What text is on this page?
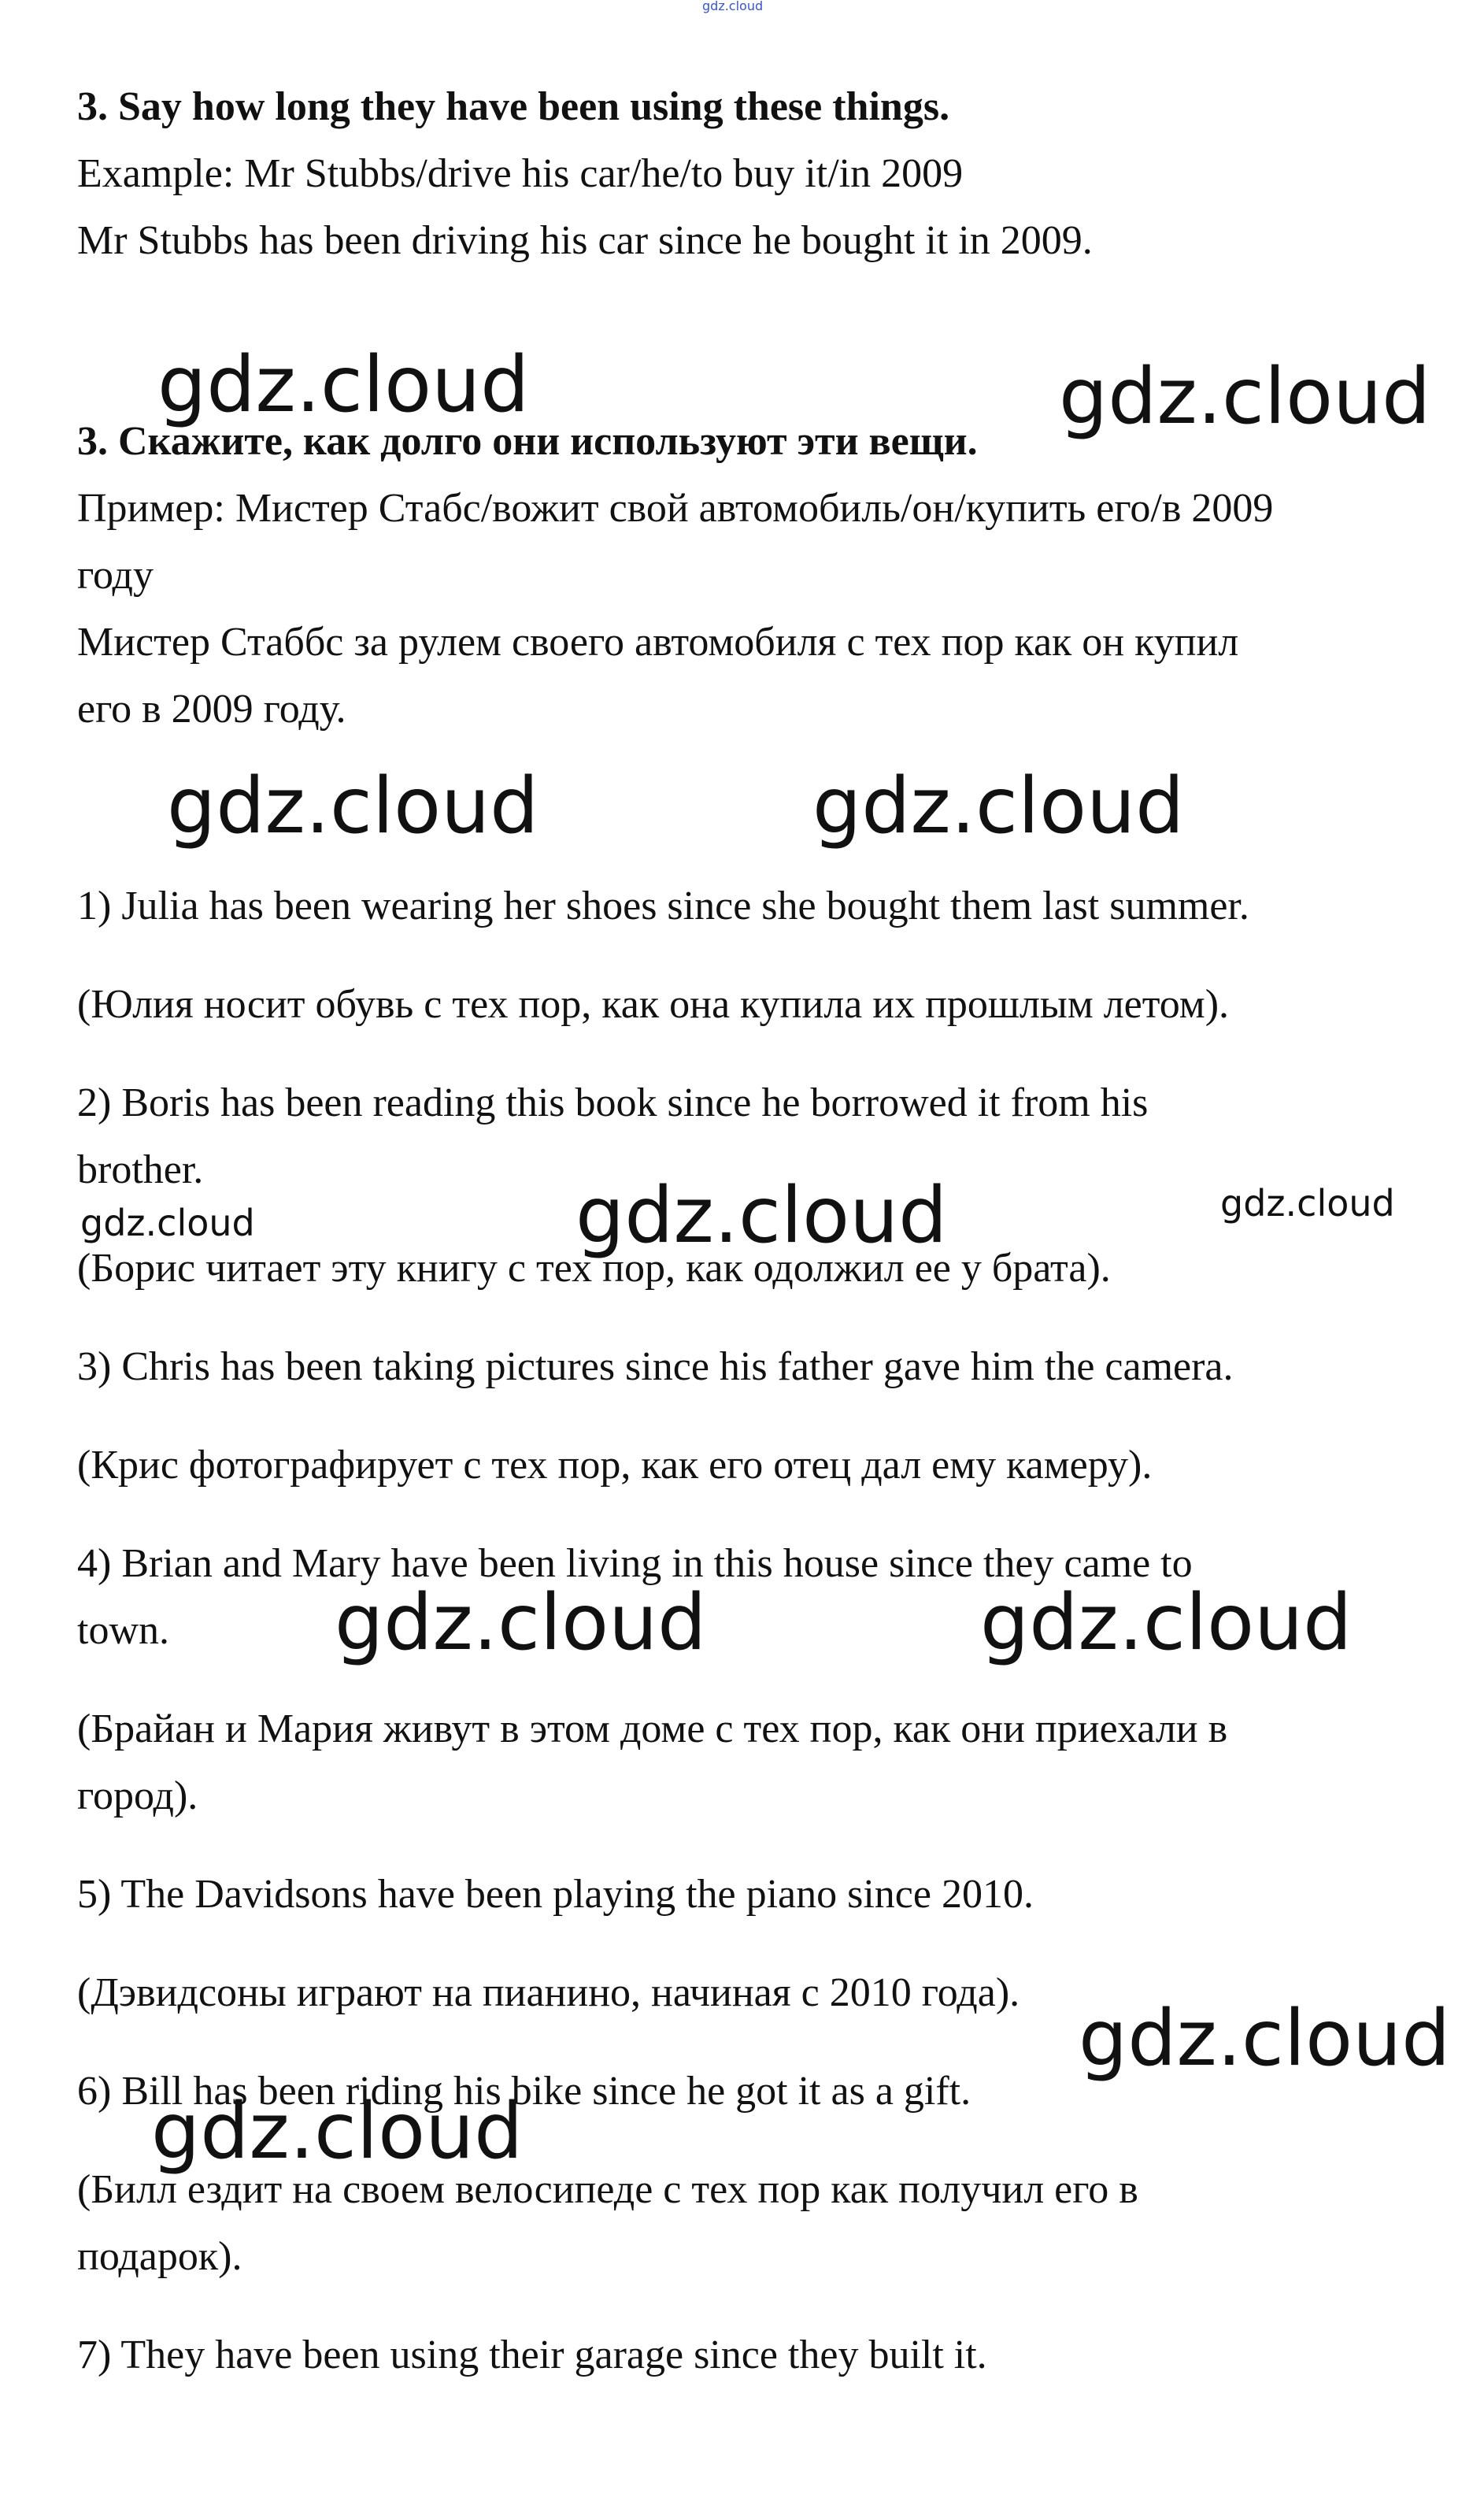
gdz.cloud
3. Say how long they have been using these things.
Example: Mr Stubbs/drive his car/he/to buy it/in 2009
Mr Stubbs has been driving his car since he bought it in 2009.
3. Скажите, как долго они используют эти вещи.
Пример: Мистер Стабс/вожит свой автомобиль/он/купить его/в 2009
году
Мистер Стаббс за рулем своего автомобиля с тех пор как он купил
его в 2009 году.
1) Julia has been wearing her shoes since she bought them last summer.
(Юлия носит обувь с тех пор, как она купила их прошлым летом).
2) Boris has been reading this book since he borrowed it from his
brother.
(Борис читает эту книгу с тех пор, как одолжил ее у брата).
3) Chris has been taking pictures since his father gave him the camera.
(Крис фотографирует с тех пор, как его отец дал ему камеру).
4) Brian and Mary have been living in this house since they came to
town.
(Брайан и Мария живут в этом доме с тех пор, как они приехали в
город).
5) The Davidsons have been playing the piano since 2010.
(Дэвидсоны играют на пианино, начиная с 2010 года).
6) Bill has been riding his bike since he got it as a gift.
(Билл ездит на своем велосипеде с тех пор как получил его в
подарок).
7) They have been using their garage since they built it.
gdz.cloud	gdz.cloud
gdz.cloud	gdz.cloud
gdz.cloud	gdz.cloud	gdz.cloud
gdz.cloud	gdz.cloud
gdz.cloud
gdz.cloud
